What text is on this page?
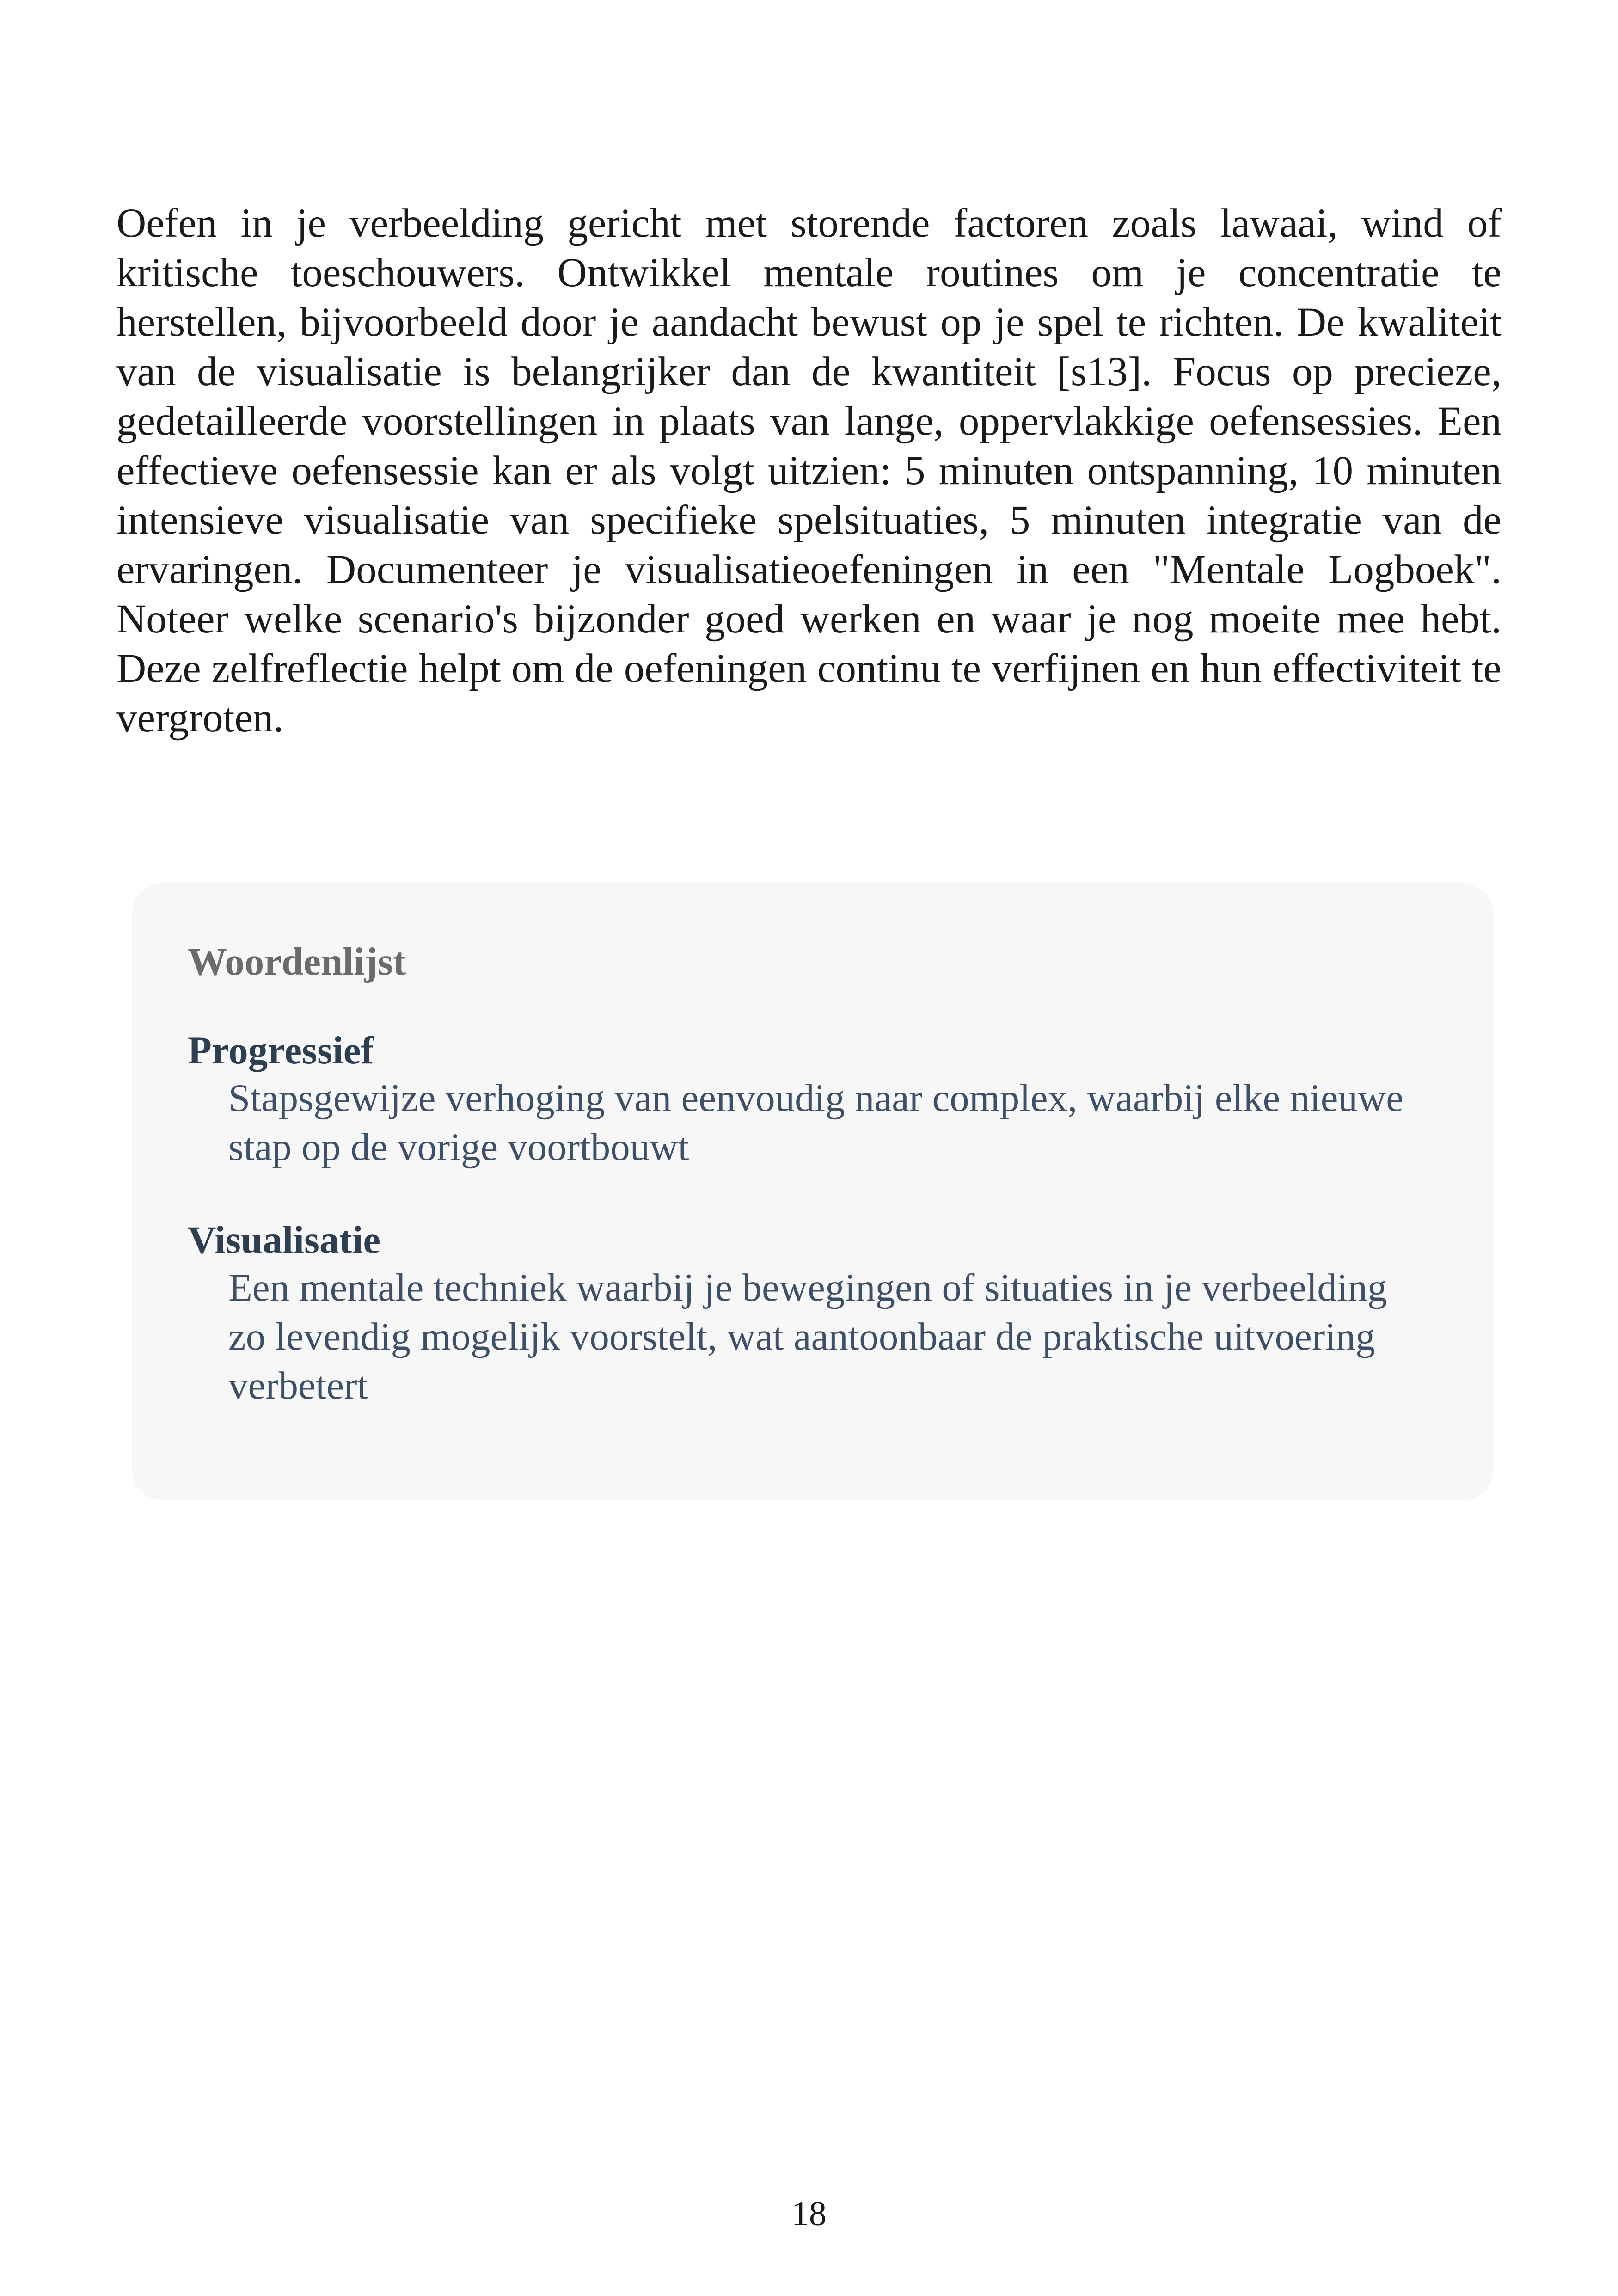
Oefen in je verbeelding gericht met storende factoren zoals lawaai, wind of kritische toeschouwers. Ontwikkel mentale routines om je concentratie te herstellen, bijvoorbeeld door je aandacht bewust op je spel te richten. De kwaliteit van de visualisatie is belangrijker dan de kwantiteit [s13]. Focus op precieze, gedetailleerde voorstellingen in plaats van lange, oppervlakkige oefensessies. Een effectieve oefensessie kan er als volgt uitzien: 5 minuten ontspanning, 10 minuten intensieve visualisatie van specifieke spelsituaties, 5 minuten integratie van de ervaringen. Documenteer je visualisatieoefeningen in een "Mentale Logboek". Noteer welke scenario's bijzonder goed werken en waar je nog moeite mee hebt. Deze zelfreflectie helpt om de oefeningen continu te verfijnen en hun effectiviteit te vergroten.

Woordenlijst

Progressief

Stapsgewijze verhoging van eenvoudig naar complex, waarbij elke nieuwe stap op de vorige voortbouwt

Visualisatie

Een mentale techniek waarbij je bewegingen of situaties in je verbeelding zo levendig mogelijk voorstelt, wat aantoonbaar de praktische uitvoering verbetert

18
